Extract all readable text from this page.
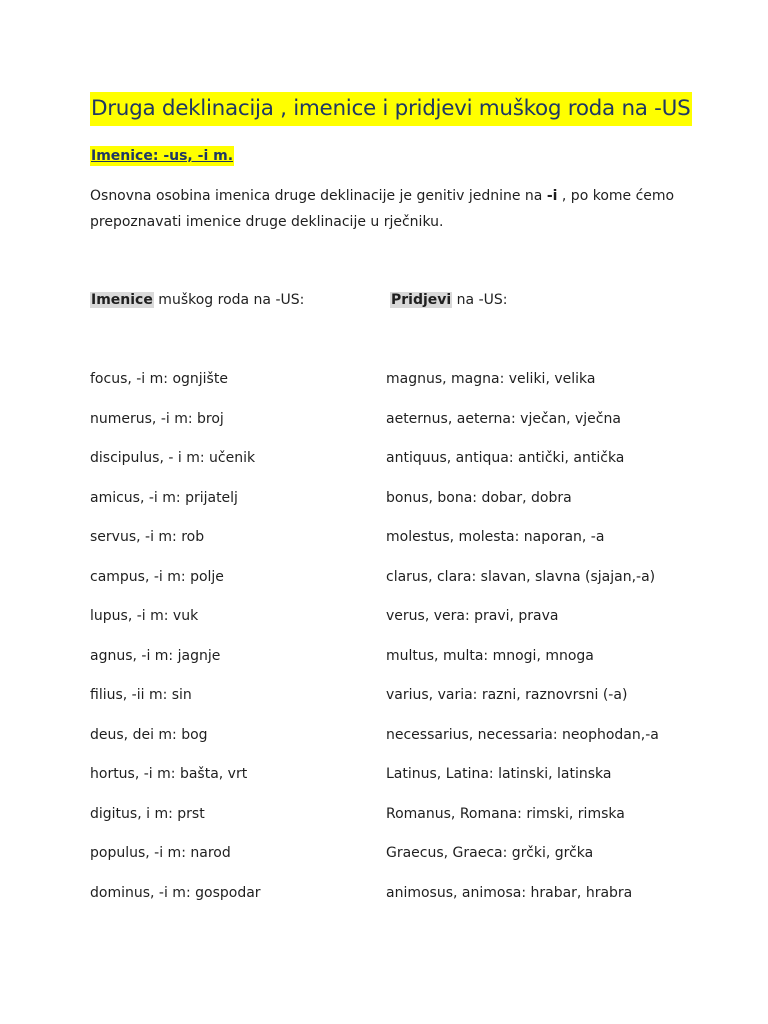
Druga deklinacija , imenice i pridjevi muškog roda na -US
Imenice: -us, -i m.

Osnovna osobina imenica druge deklinacije je genitiv jednine na -i , po kome ćemo prepoznavati imenice druge deklinacije u rječniku.

Imenice muškog roda na -US:	Pridjevi na -US:
focus, -i m: ognjište
numerus, -i m: broj
discipulus, - i m: učenik
amicus, -i m: prijatelj
servus, -i m: rob
campus, -i m: polje
lupus, -i m: vuk
agnus, -i m: jagnje
filius, -ii m: sin
deus, dei m: bog
hortus, -i m: bašta, vrt
digitus, i m: prst
populus, -i m: narod
dominus, -i m: gospodar
magnus, magna: veliki, velika
aeternus, aeterna: vječan, vječna
antiquus, antiqua: antički, antička
bonus, bona: dobar, dobra
molestus, molesta: naporan, -a
clarus, clara: slavan, slavna (sjajan,-a)
verus, vera: pravi, prava
multus, multa: mnogi, mnoga
varius, varia: razni, raznovrsni (-a)
necessarius, necessaria: neophodan,-a
Latinus, Latina: latinski, latinska
Romanus, Romana: rimski, rimska
Graecus, Graeca: grčki, grčka
animosus, animosa: hrabar, hrabra
